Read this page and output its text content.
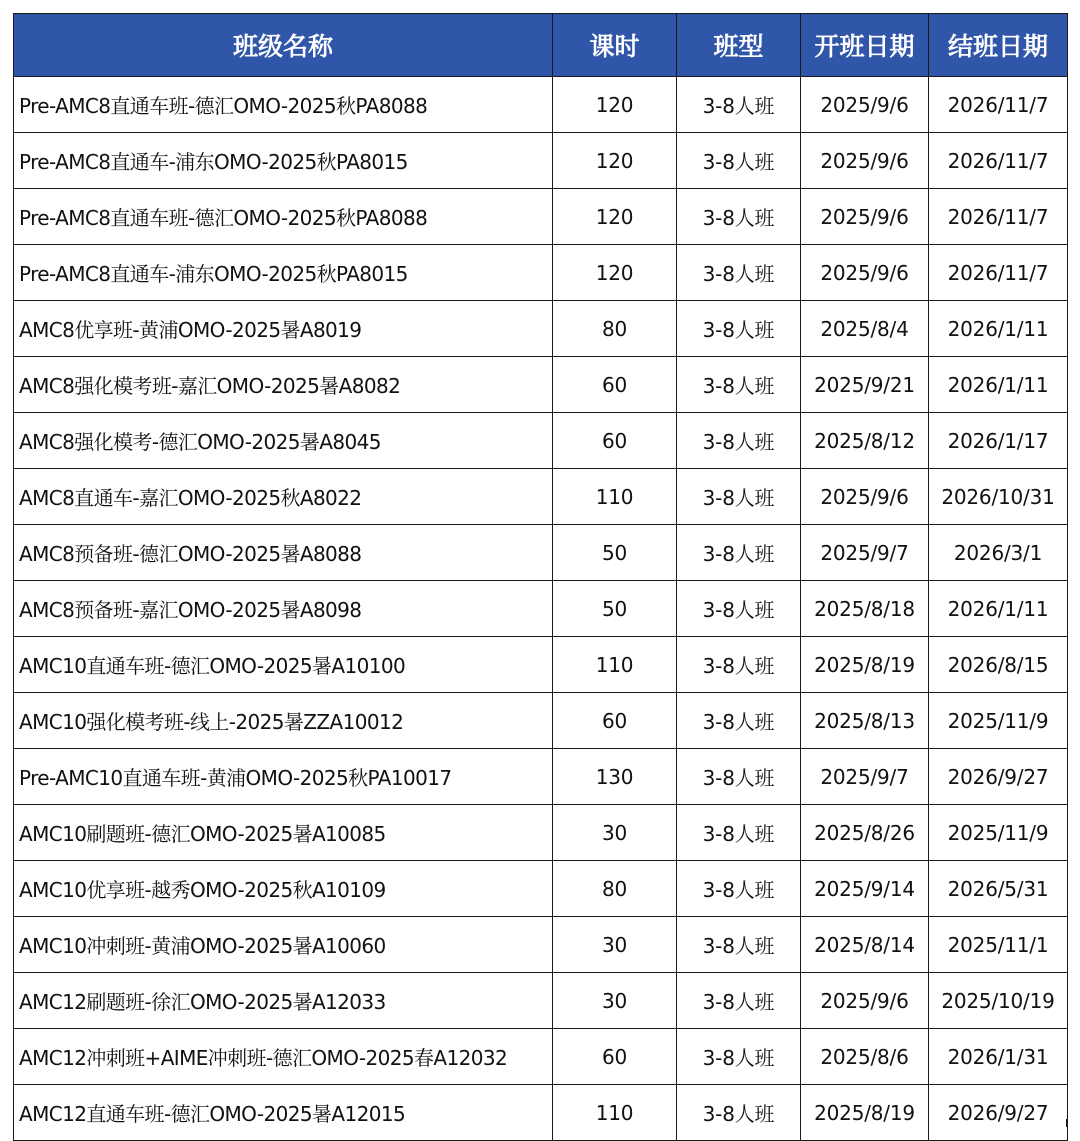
班级名称	课时	班型	开班日期	结班日期
Pre-AMC8直通车班-德汇OMO-2025秋PA8088	120	3-8人班	2025/9/6	2026/11/7
Pre-AMC8直通车-浦东OMO-2025秋PA8015	120	3-8人班	2025/9/6	2026/11/7
Pre-AMC8直通车班-德汇OMO-2025秋PA8088	120	3-8人班	2025/9/6	2026/11/7
Pre-AMC8直通车-浦东OMO-2025秋PA8015	120	3-8人班	2025/9/6	2026/11/7
AMC8优享班-黄浦OMO-2025暑A8019	80	3-8人班	2025/8/4	2026/1/11
AMC8强化模考班-嘉汇OMO-2025暑A8082	60	3-8人班	2025/9/21	2026/1/11
AMC8强化模考-德汇OMO-2025暑A8045	60	3-8人班	2025/8/12	2026/1/17
AMC8直通车-嘉汇OMO-2025秋A8022	110	3-8人班	2025/9/6	2026/10/31
AMC8预备班-德汇OMO-2025暑A8088	50	3-8人班	2025/9/7	2026/3/1
AMC8预备班-嘉汇OMO-2025暑A8098	50	3-8人班	2025/8/18	2026/1/11
AMC10直通车班-德汇OMO-2025暑A10100	110	3-8人班	2025/8/19	2026/8/15
AMC10强化模考班-线上-2025暑ZZA10012	60	3-8人班	2025/8/13	2025/11/9
Pre-AMC10直通车班-黄浦OMO-2025秋PA10017	130	3-8人班	2025/9/7	2026/9/27
AMC10刷题班-德汇OMO-2025暑A10085	30	3-8人班	2025/8/26	2025/11/9
AMC10优享班-越秀OMO-2025秋A10109	80	3-8人班	2025/9/14	2026/5/31
AMC10冲刺班-黄浦OMO-2025暑A10060	30	3-8人班	2025/8/14	2025/11/1
AMC12刷题班-徐汇OMO-2025暑A12033	30	3-8人班	2025/9/6	2025/10/19
AMC12冲刺班+AIME冲刺班-德汇OMO-2025春A12032	60	3-8人班	2025/8/6	2026/1/31
AMC12直通车班-德汇OMO-2025暑A12015	110	3-8人班	2025/8/19	2026/9/27
